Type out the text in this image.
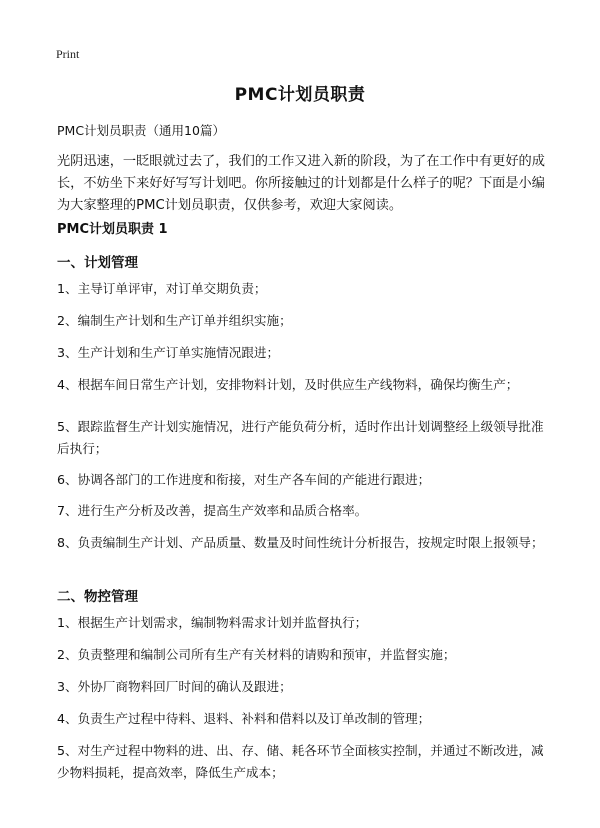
Print
PMC计划员职责

PMC计划员职责（通用10篇）

光阴迅速，一眨眼就过去了，我们的工作又进入新的阶段，为了在工作中有更好的成长，不妨坐下来好好写写计划吧。你所接触过的计划都是什么样子的呢？下面是小编为大家整理的PMC计划员职责，仅供参考，欢迎大家阅读。

PMC计划员职责 1
一、计划管理

1、主导订单评审，对订单交期负责；

2、编制生产计划和生产订单并组织实施；

3、生产计划和生产订单实施情况跟进；

4、根据车间日常生产计划，安排物料计划，及时供应生产线物料，确保均衡生产；

5、跟踪监督生产计划实施情况，进行产能负荷分析，适时作出计划调整经上级领导批准后执行；

6、协调各部门的工作进度和衔接，对生产各车间的产能进行跟进；

7、进行生产分析及改善，提高生产效率和品质合格率。

8、负责编制生产计划、产品质量、数量及时间性统计分析报告，按规定时限上报领导；

二、物控管理

1、根据生产计划需求，编制物料需求计划并监督执行；

2、负责整理和编制公司所有生产有关材料的请购和预审，并监督实施；

3、外协厂商物料回厂时间的确认及跟进；

4、负责生产过程中待料、退料、补料和借料以及订单改制的管理；

5、对生产过程中物料的进、出、存、储、耗各环节全面核实控制，并通过不断改进，减少物料损耗，提高效率，降低生产成本；
